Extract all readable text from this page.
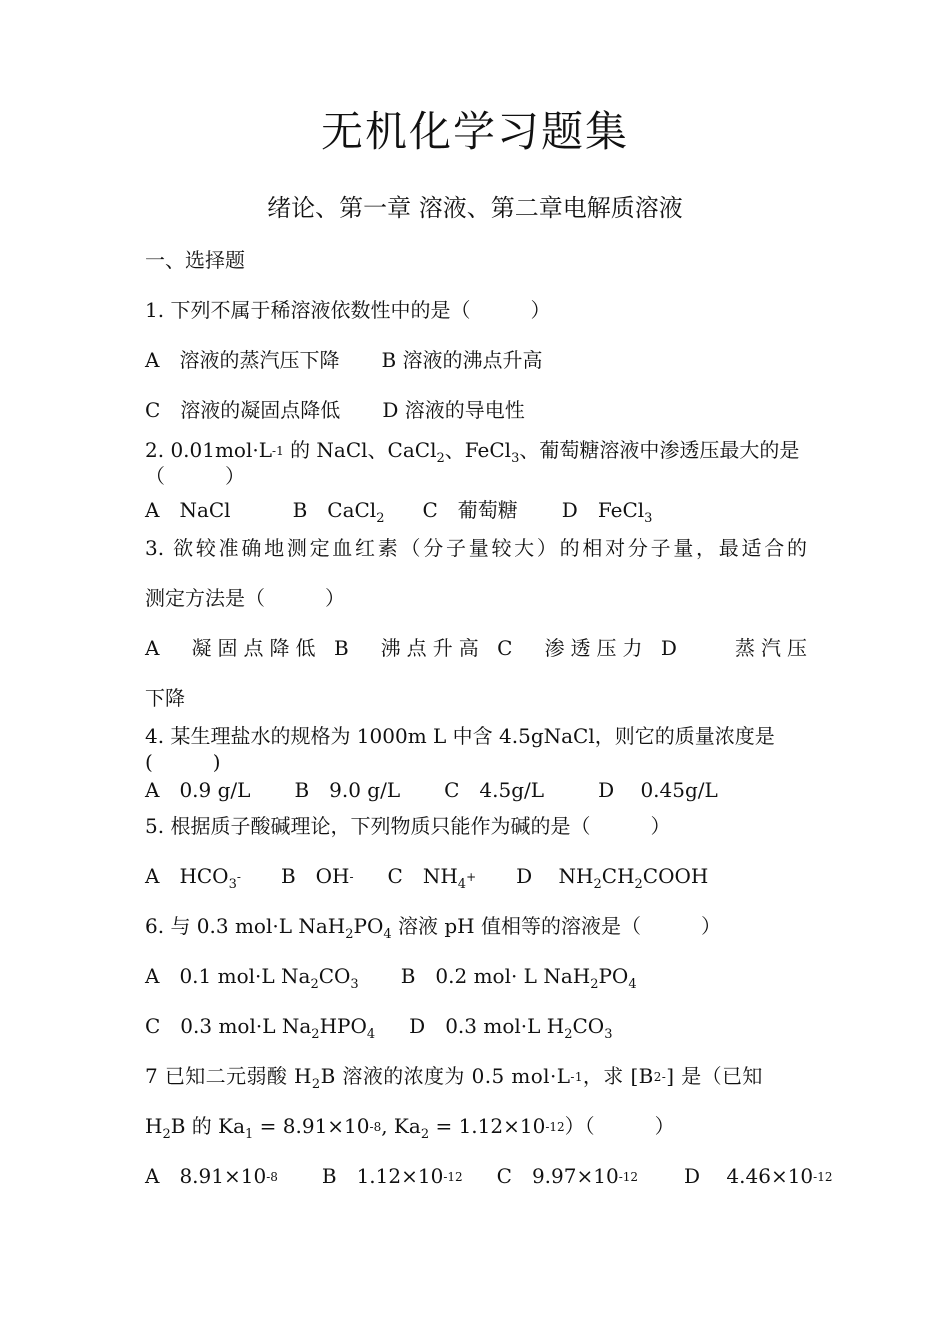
无机化学习题集
绪论、第一章 溶液、第二章电解质溶液
一、选择题
1. 下列不属于稀溶液依数性中的是（　　　）
A　溶液的蒸汽压下降 B 溶液的沸点升高
C　溶液的凝固点降低 D 溶液的导电性
2. $0.01mol\cdot L^{-1}$ 的 NaCl、CaCl$_2$、FeCl$_3$、葡萄糖溶液中渗透压最大的是
（　　　）
A　NaCl	B　CaCl$_2$ C　葡萄糖 D　FeCl$_3$
3. 欲较准确地测定血红素（分子量较大）的相对分子量，最适合的
测定方法是（　　　）
A　凝固点降低 B　沸点升高 C　渗透压力 D　　蒸汽压
下降
4. 某生理盐水的规格为 1000m L 中含 4.5gNaCl，则它的质量浓度是
(　　　)
A　0.9 g/L B　9.0 g/L C　4.5g/L	D　 0.45g/L
5. 根据质子酸碱理论，下列物质只能作为碱的是（　　　）
A　$HCO_3^-$ B　OH- C　$NH_4^+$ D　 $NH_2CH_2COOH$
6. 与 0.3 mol·L $NaH_2PO_4$ 溶液 pH 值相等的溶液是（　　　）
A　0.1 mol·L $Na_2CO_3$ B　0.2 mol· L $NaH_2PO_4$
C　0.3 mol·L $Na_2HPO_4$ D　0.3 mol·L $H_2CO_3$
7 已知二元弱酸 $H_2B$ 溶液的浓度为 0.5 $mol\cdot L^{-1}$，求 $[B^{2-}]$ 是（已知
$H_2B$ 的 $Ka_1 = 8.91\times 10^{-8}$, $Ka_2 = 1.12\times 10^{-12}$）（　　　）
A　$8.91\times 10^{-8}$ B　$1.12\times 10^{-12}$ C　$9.97\times 10^{-12}$ D　 $4.46\times 10^{-12}$
